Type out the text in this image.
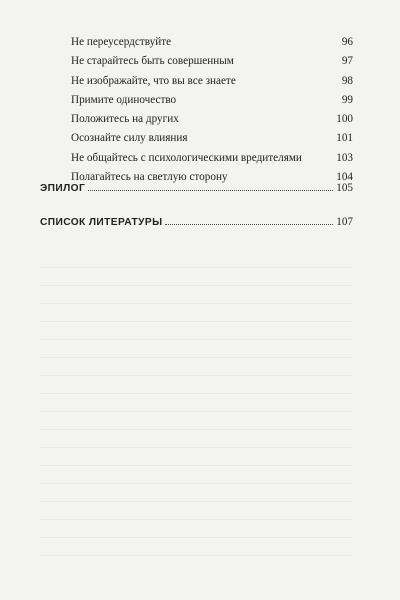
Не переусердствуйте	96
Не старайтесь быть совершенным	97
Не изображайте, что вы все знаете	98
Примите одиночество	99
Положитесь на других	100
Осознайте силу влияния	101
Не общайтесь с психологическими вредителями	103
Полагайтесь на светлую сторону	104
ЭПИЛОГ	105
СПИСОК ЛИТЕРАТУРЫ	107
